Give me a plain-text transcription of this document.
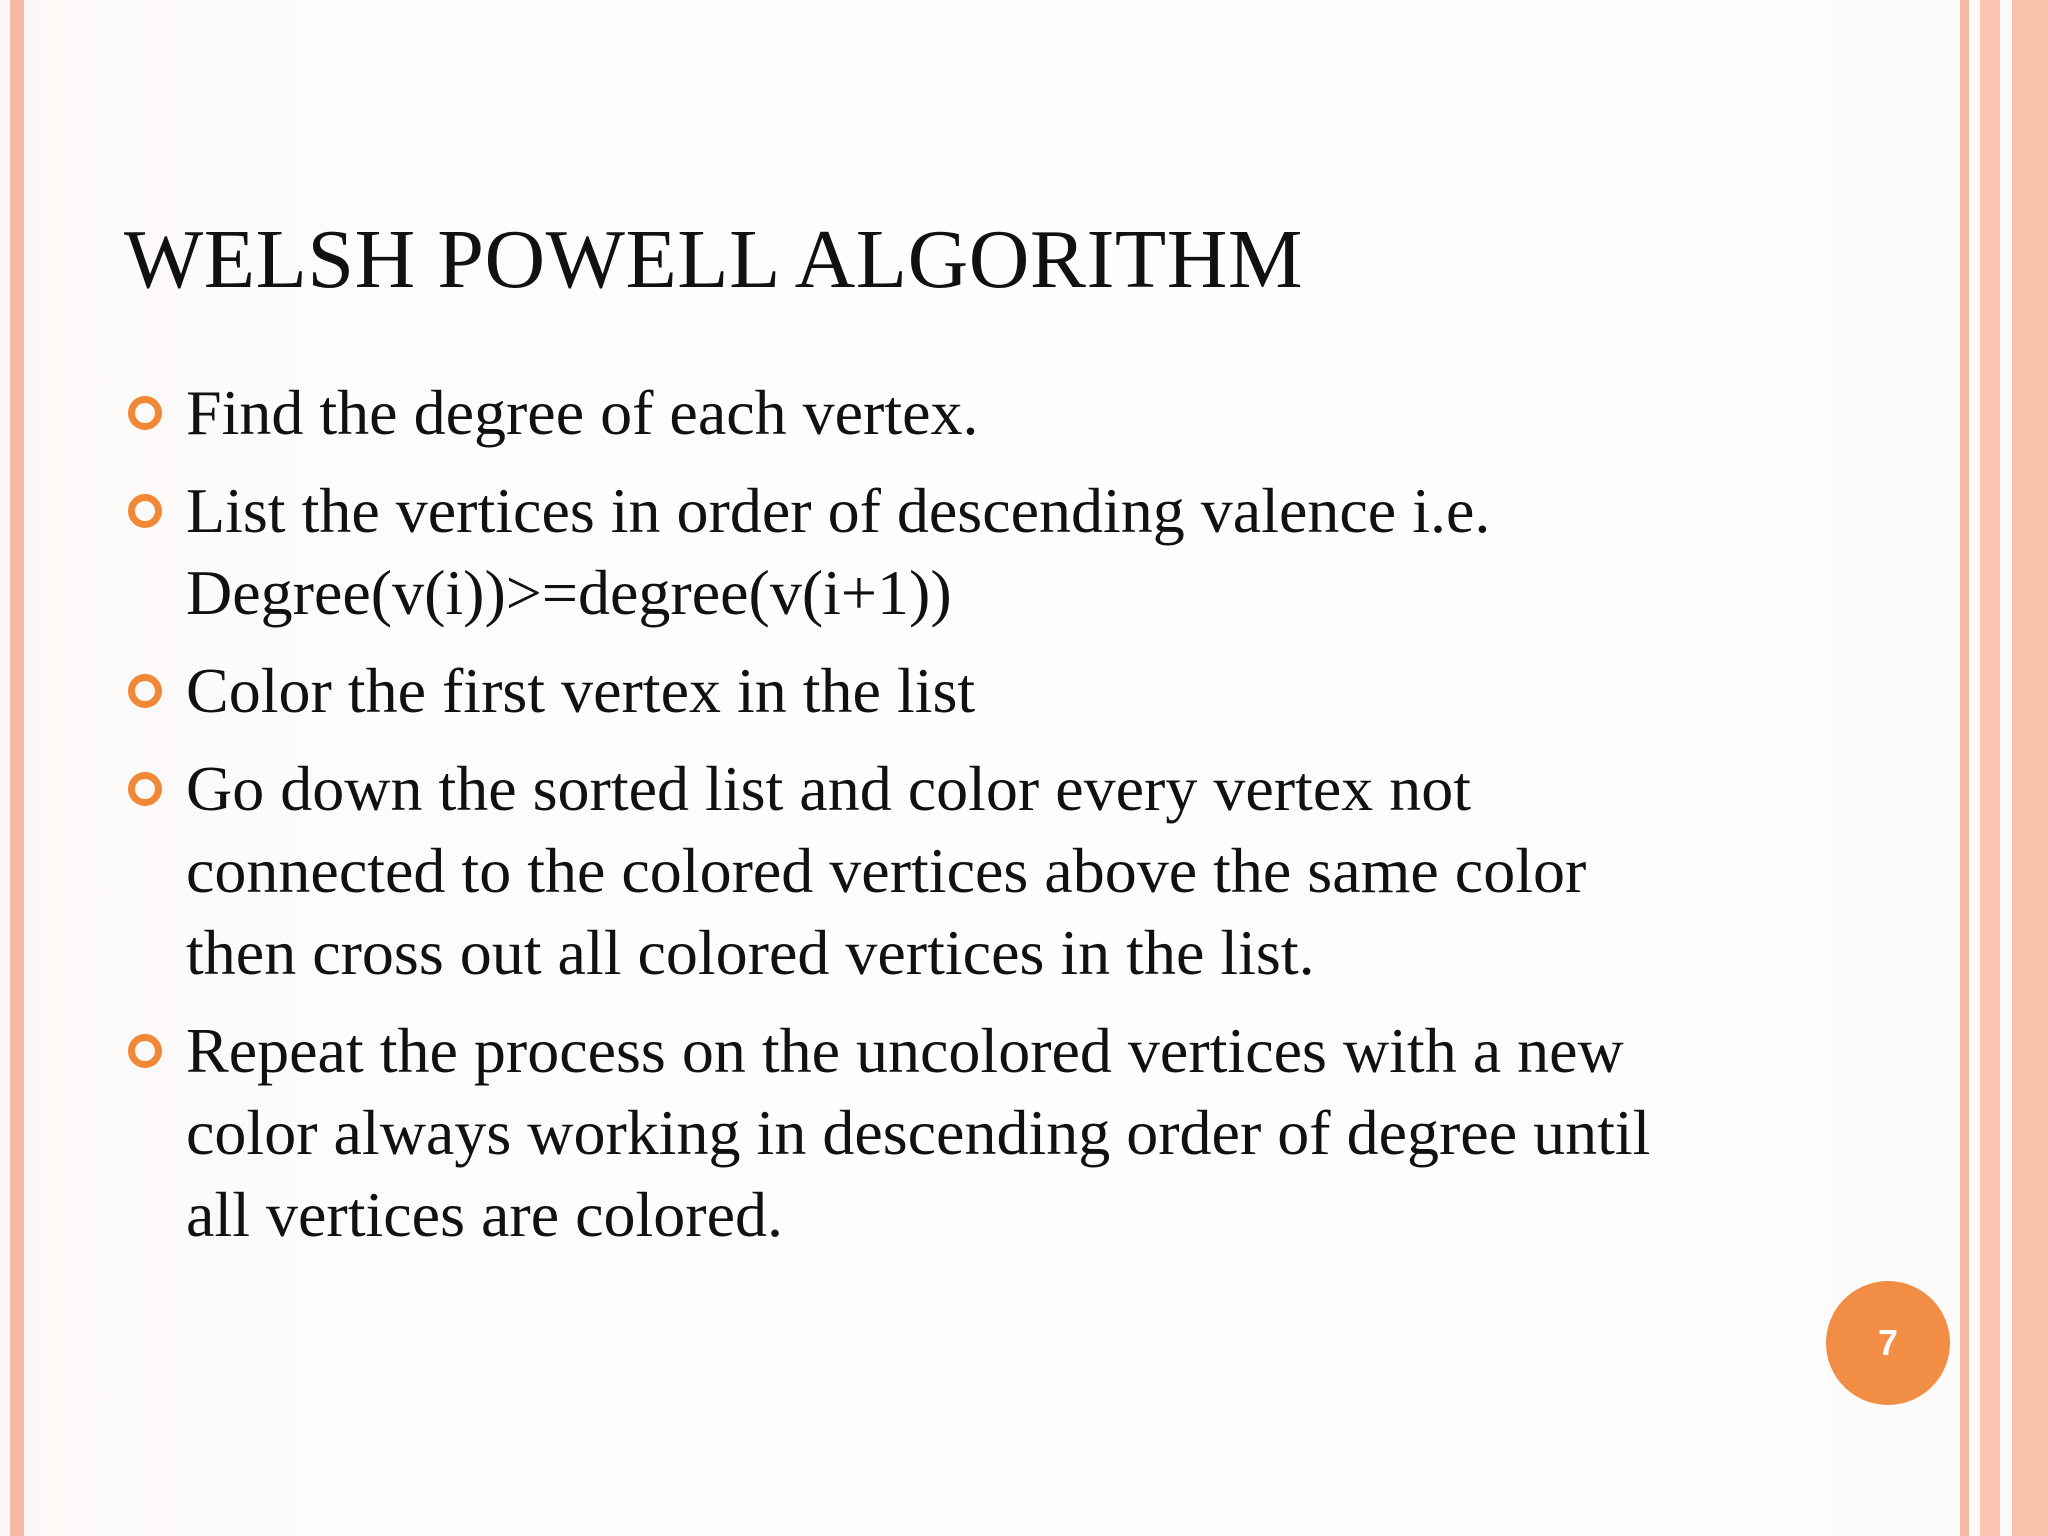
WELSH POWELL ALGORITHM
Find the degree of each vertex.
List the vertices in order of descending valence i.e. Degree(v(i))>=degree(v(i+1))
Color the first vertex in the list
Go down the sorted list and color every vertex not connected to the colored vertices above the same color then cross out all colored vertices in the list.
Repeat the process on the uncolored vertices with a new color always working in descending order of degree until all vertices are colored.
7
